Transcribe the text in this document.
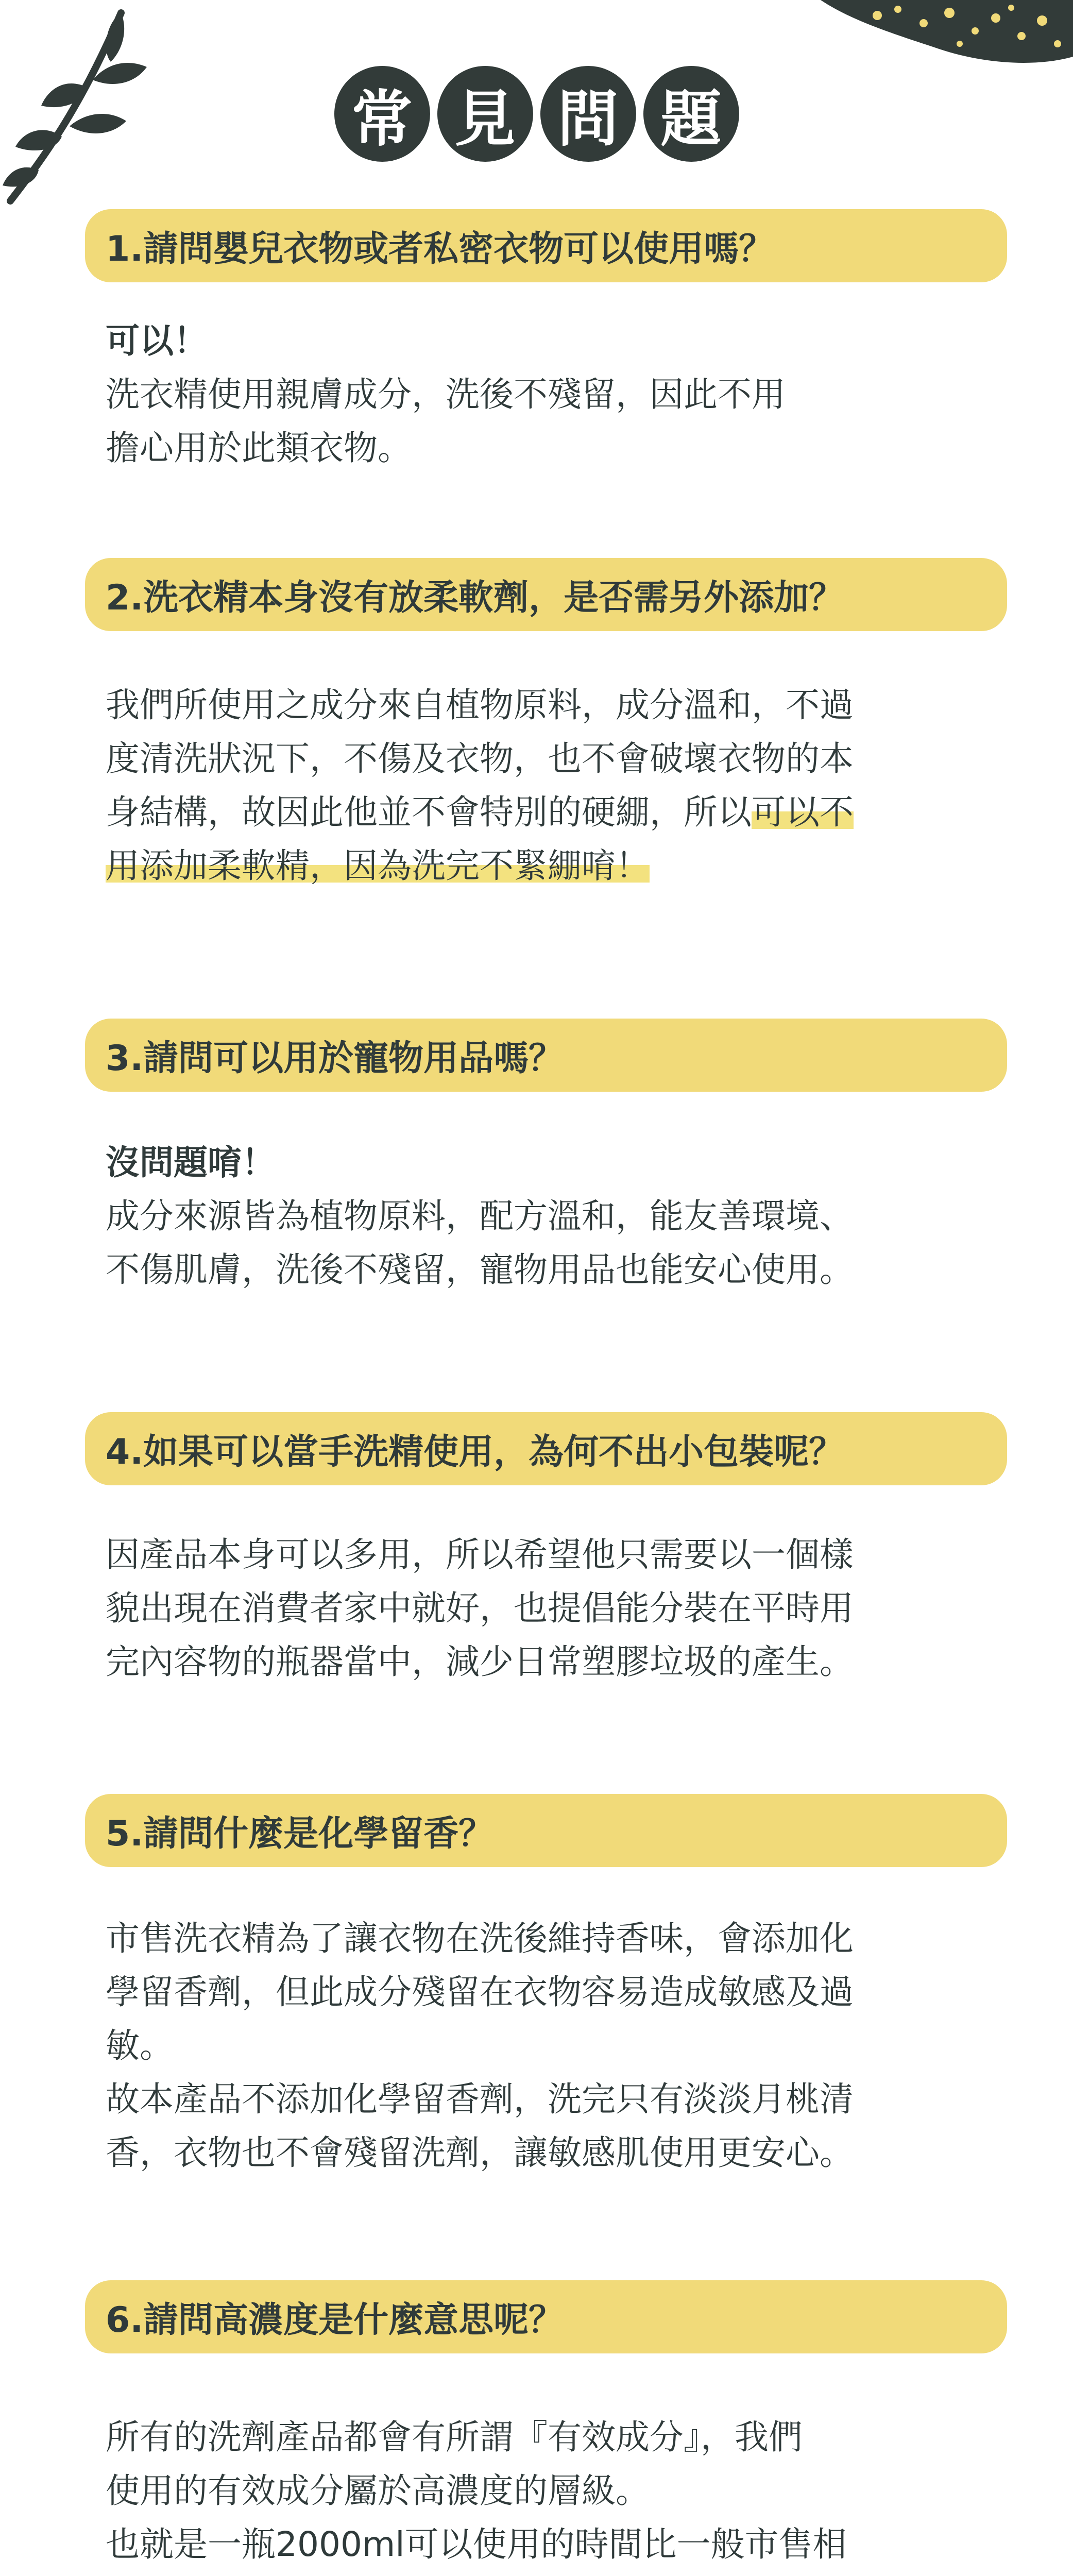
常 見 問 題
1.請問嬰兒衣物或者私密衣物可以使用嗎？
可以！
洗衣精使用親膚成分，洗後不殘留，因此不用
擔心用於此類衣物。
2.洗衣精本身沒有放柔軟劑，是否需另外添加？
我們所使用之成分來自植物原料，成分溫和，不過
度清洗狀況下，不傷及衣物，也不會破壞衣物的本
身結構，故因此他並不會特別的硬綳，所以可以不
用添加柔軟精，因為洗完不緊綳唷！
3.請問可以用於寵物用品嗎？
沒問題唷！
成分來源皆為植物原料，配方溫和，能友善環境、
不傷肌膚，洗後不殘留，寵物用品也能安心使用。
4.如果可以當手洗精使用，為何不出小包裝呢？
因產品本身可以多用，所以希望他只需要以一個樣
貌出現在消費者家中就好，也提倡能分裝在平時用
完內容物的瓶器當中，減少日常塑膠垃圾的產生。
5.請問什麼是化學留香？
市售洗衣精為了讓衣物在洗後維持香味，會添加化
學留香劑，但此成分殘留在衣物容易造成敏感及過
敏。
故本產品不添加化學留香劑，洗完只有淡淡月桃清
香，衣物也不會殘留洗劑，讓敏感肌使用更安心。
6.請問高濃度是什麼意思呢？
所有的洗劑產品都會有所謂『有效成分』，我們
使用的有效成分屬於高濃度的層級。
也就是一瓶2000ml可以使用的時間比一般市售相
